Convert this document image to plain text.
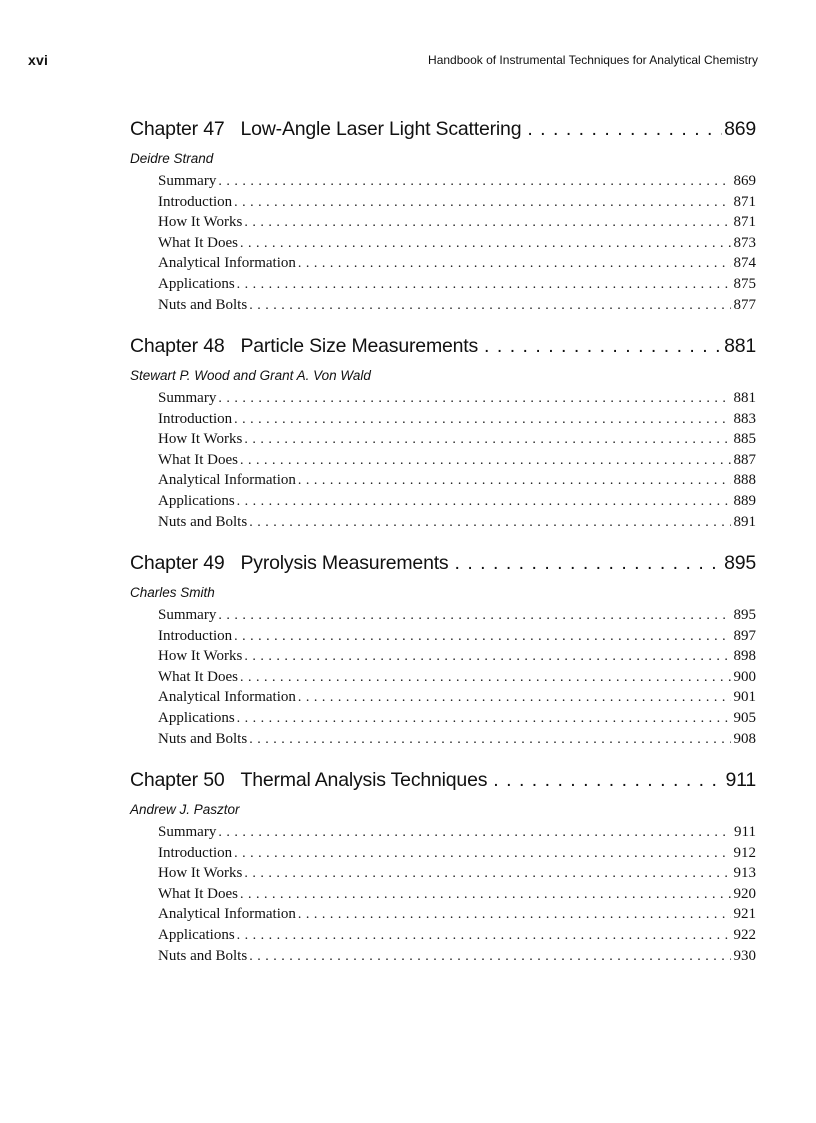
xvi	Handbook of Instrumental Techniques for Analytical Chemistry
Chapter 47 Low-Angle Laser Light Scattering . . .	869
Deidre Strand
Summary . . .	869
Introduction . . .	871
How It Works . . .	871
What It Does . . .	873
Analytical Information . . .	874
Applications . . .	875
Nuts and Bolts . . .	877
Chapter 48 Particle Size Measurements . . .	881
Stewart P. Wood and Grant A. Von Wald
Summary . . .	881
Introduction . . .	883
How It Works . . .	885
What It Does . . .	887
Analytical Information . . .	888
Applications . . .	889
Nuts and Bolts . . .	891
Chapter 49 Pyrolysis Measurements . . .	895
Charles Smith
Summary . . .	895
Introduction . . .	897
How It Works . . .	898
What It Does . . .	900
Analytical Information . . .	901
Applications . . .	905
Nuts and Bolts . . .	908
Chapter 50 Thermal Analysis Techniques . . .	911
Andrew J. Pasztor
Summary . . .	911
Introduction . . .	912
How It Works . . .	913
What It Does . . .	920
Analytical Information . . .	921
Applications . . .	922
Nuts and Bolts . . .	930
